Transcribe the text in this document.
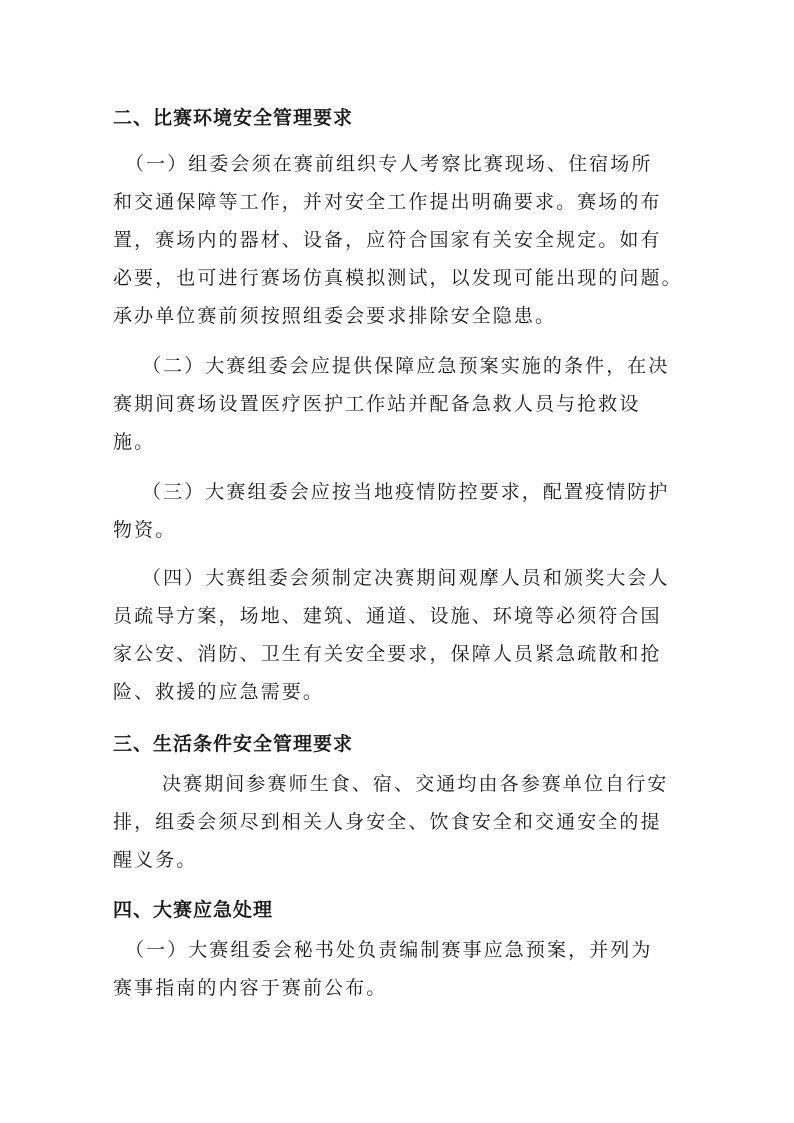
二、比赛环境安全管理要求
（一）组委会须在赛前组织专人考察比赛现场、住宿场所
和交通保障等工作，并对安全工作提出明确要求。赛场的布
置，赛场内的器材、设备，应符合国家有关安全规定。如有
必要，也可进行赛场仿真模拟测试，以发现可能出现的问题。
承办单位赛前须按照组委会要求排除安全隐患。
（二）大赛组委会应提供保障应急预案实施的条件，在决
赛期间赛场设置医疗医护工作站并配备急救人员与抢救设
施。
（三）大赛组委会应按当地疫情防控要求，配置疫情防护
物资。
（四）大赛组委会须制定决赛期间观摩人员和颁奖大会人
员疏导方案，场地、建筑、通道、设施、环境等必须符合国
家公安、消防、卫生有关安全要求，保障人员紧急疏散和抢
险、救援的应急需要。
三、生活条件安全管理要求
决赛期间参赛师生食、宿、交通均由各参赛单位自行安
排，组委会须尽到相关人身安全、饮食安全和交通安全的提
醒义务。
四、大赛应急处理
（一）大赛组委会秘书处负责编制赛事应急预案，并列为
赛事指南的内容于赛前公布。
